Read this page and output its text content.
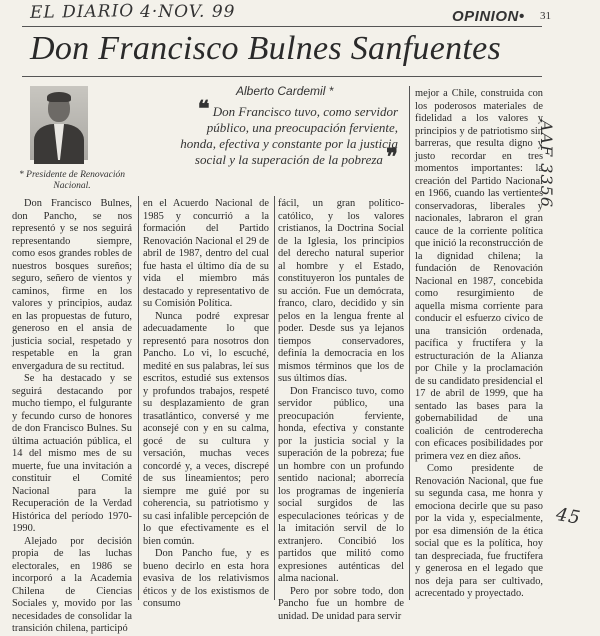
EL DIARIO 4·NOV. 99	OPINION• 31
Don Francisco Bulnes Sanfuentes
* Presidente de Renovación Nacional.
Alberto Cardemil *
❝ Don Francisco tuvo, como servidor público, una preocupación ferviente, honda, efectiva y constante por la justicia social y la superación de la pobreza ❞

Don Francisco Bulnes, don Pancho, se nos representó y se nos seguirá representando siempre, como esos grandes robles de nuestros bosques sureños; seguro, señero de vientos y caminos, firme en los valores y principios, audaz en las propuestas de futuro, generoso en el ansia de justicia social, respetado y respetable en la gran envergadura de su rectitud.

Se ha destacado y se seguirá destacando por mucho tiempo, el fulgurante y fecundo curso de honores de don Francisco Bulnes. Su última actuación pública, el 14 del mismo mes de su muerte, fue una invitación a constituir el Comité Nacional para la Recuperación de la Verdad Histórica del período 1970-1990.

Alejado por decisión propia de las luchas electorales, en 1986 se incorporó a la Academia Chilena de Ciencias Sociales y, movido por las necesidades de consolidar la transición chilena, participó

en el Acuerdo Nacional de 1985 y concurrió a la formación del Partido Renovación Nacional el 29 de abril de 1987, dentro del cual fue hasta el último día de su vida el miembro más destacado y representativo de su Comisión Política.

Nunca podré expresar adecuadamente lo que representó para nosotros don Pancho. Lo vi, lo escuché, medité en sus palabras, leí sus escritos, estudié sus extensos y profundos trabajos, respeté su desplazamiento de gran trasatlántico, conversé y me aconsejé con y en su calma, gocé de su cultura y versación, muchas veces concordé y, a veces, discrepé de sus lineamientos; pero siempre me guié por su coherencia, su patriotismo y su casi infalible percepción de lo que efectivamente es el bien común.

Don Pancho fue, y es bueno decirlo en esta hora evasiva de los relativismos éticos y de los existismos de consumo

fácil, un gran político-católico, y los valores cristianos, la Doctrina Social de la Iglesia, los principios del derecho natural superior al hombre y el Estado, constituyeron los puntales de su acción. Fue un demócrata, franco, claro, decidido y sin pelos en la lengua frente al poder. Desde sus ya lejanos tiempos conservadores, definía la democracia en los mismos términos que los de sus últimos días.

Don Francisco tuvo, como servidor público, una preocupación ferviente, honda, efectiva y constante por la justicia social y la superación de la pobreza; fue un hombre con un profundo sentido nacional; aborrecía los programas de ingeniería social surgidos de las especulaciones teóricas y de la imitación servil de lo extranjero. Concibió los partidos que militó como expresiones auténticas del alma nacional.

Pero por sobre todo, don Pancho fue un hombre de unidad. De unidad para servir

mejor a Chile, construida con los poderosos materiales de fidelidad a los valores y principios y de patriotismo sin barreras, que resulta digno y justo recordar en tres momentos importantes: la creación del Partido Nacional en 1966, cuando las vertientes conservadoras, liberales y nacionales, labraron el gran cauce de la corriente política que inició la reconstrucción de la dignidad chilena; la fundación de Renovación Nacional en 1987, concebida como resurgimiento de aquella misma corriente para conducir el esfuerzo cívico de una transición ordenada, pacífica y fructífera y la estructuración de la Alianza por Chile y la proclamación de su candidato presidencial el 17 de abril de 1999, que ha sentado las bases para la gobernabilidad de una coalición de centroderecha con eficaces posibilidades por primera vez en diez años.

Como presidente de Renovación Nacional, que fue su segunda casa, me honra y emociona decirle que su paso por la vida y, especialmente, por esa dimensión de la ética social que es la política, hoy tan despreciada, fue fructífera y generosa en el legado que nos deja para ser cultivado, acrecentado y proyectado.

AAF 3356
45
